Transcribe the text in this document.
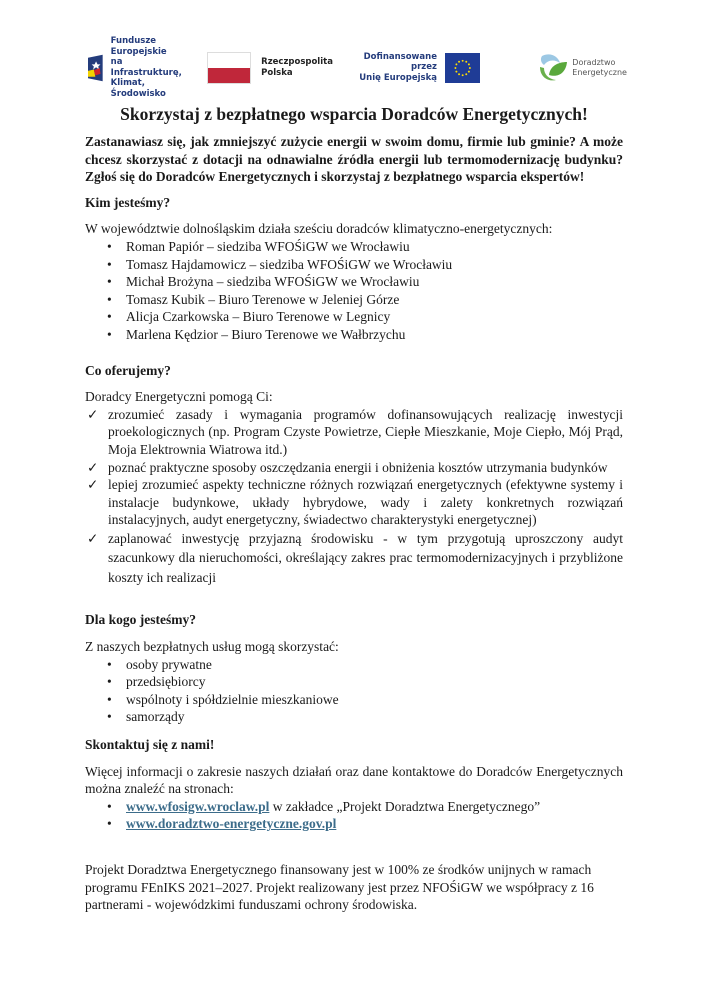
Fundusze Europejskie
na Infrastrukturę,
Klimat, Środowisko
Rzeczpospolita
Polska
Dofinansowane przez
Unię Europejską
Doradztwo
Energetyczne
Skorzystaj z bezpłatnego wsparcia Doradców Energetycznych!

Zastanawiasz się, jak zmniejszyć zużycie energii w swoim domu, firmie lub gminie? A może chcesz skorzystać z dotacji na odnawialne źródła energii lub termomodernizację budynku? Zgłoś się do Doradców Energetycznych i skorzystaj z bezpłatnego wsparcia ekspertów!

Kim jesteśmy?

W województwie dolnośląskim działa sześciu doradców klimatyczno-energetycznych:

• Roman Papiór – siedziba WFOŚiGW we Wrocławiu
• Tomasz Hajdamowicz – siedziba WFOŚiGW we Wrocławiu
• Michał Brożyna – siedziba WFOŚiGW we Wrocławiu
• Tomasz Kubik – Biuro Terenowe w Jeleniej Górze
• Alicja Czarkowska – Biuro Terenowe w Legnicy
• Marlena Kędzior – Biuro Terenowe we Wałbrzychu
Co oferujemy?

Doradcy Energetyczni pomogą Ci:

✓ zrozumieć zasady i wymagania programów dofinansowujących realizację inwestycji proekologicznych (np. Program Czyste Powietrze, Ciepłe Mieszkanie, Moje Ciepło, Mój Prąd, Moja Elektrownia Wiatrowa itd.)
✓ poznać praktyczne sposoby oszczędzania energii i obniżenia kosztów utrzymania budynków
✓ lepiej zrozumieć aspekty techniczne różnych rozwiązań energetycznych (efektywne systemy i instalacje budynkowe, układy hybrydowe, wady i zalety konkretnych rozwiązań instalacyjnych, audyt energetyczny, świadectwo charakterystyki energetycznej)
✓ zaplanować inwestycję przyjazną środowisku - w tym przygotują uproszczony audyt szacunkowy dla nieruchomości, określający zakres prac termomodernizacyjnych i przybliżone koszty ich realizacji
Dla kogo jesteśmy?

Z naszych bezpłatnych usług mogą skorzystać:

• osoby prywatne
• przedsiębiorcy
• wspólnoty i spółdzielnie mieszkaniowe
• samorządy
Skontaktuj się z nami!

Więcej informacji o zakresie naszych działań oraz dane kontaktowe do Doradców Energetycznych można znaleźć na stronach:

• www.wfosigw.wroclaw.pl w zakładce „Projekt Doradztwa Energetycznego”
• www.doradztwo-energetyczne.gov.pl

Projekt Doradztwa Energetycznego finansowany jest w 100% ze środków unijnych w ramach programu FEnIKS 2021–2027. Projekt realizowany jest przez NFOŚiGW we współpracy z 16 partnerami - wojewódzkimi funduszami ochrony środowiska.
